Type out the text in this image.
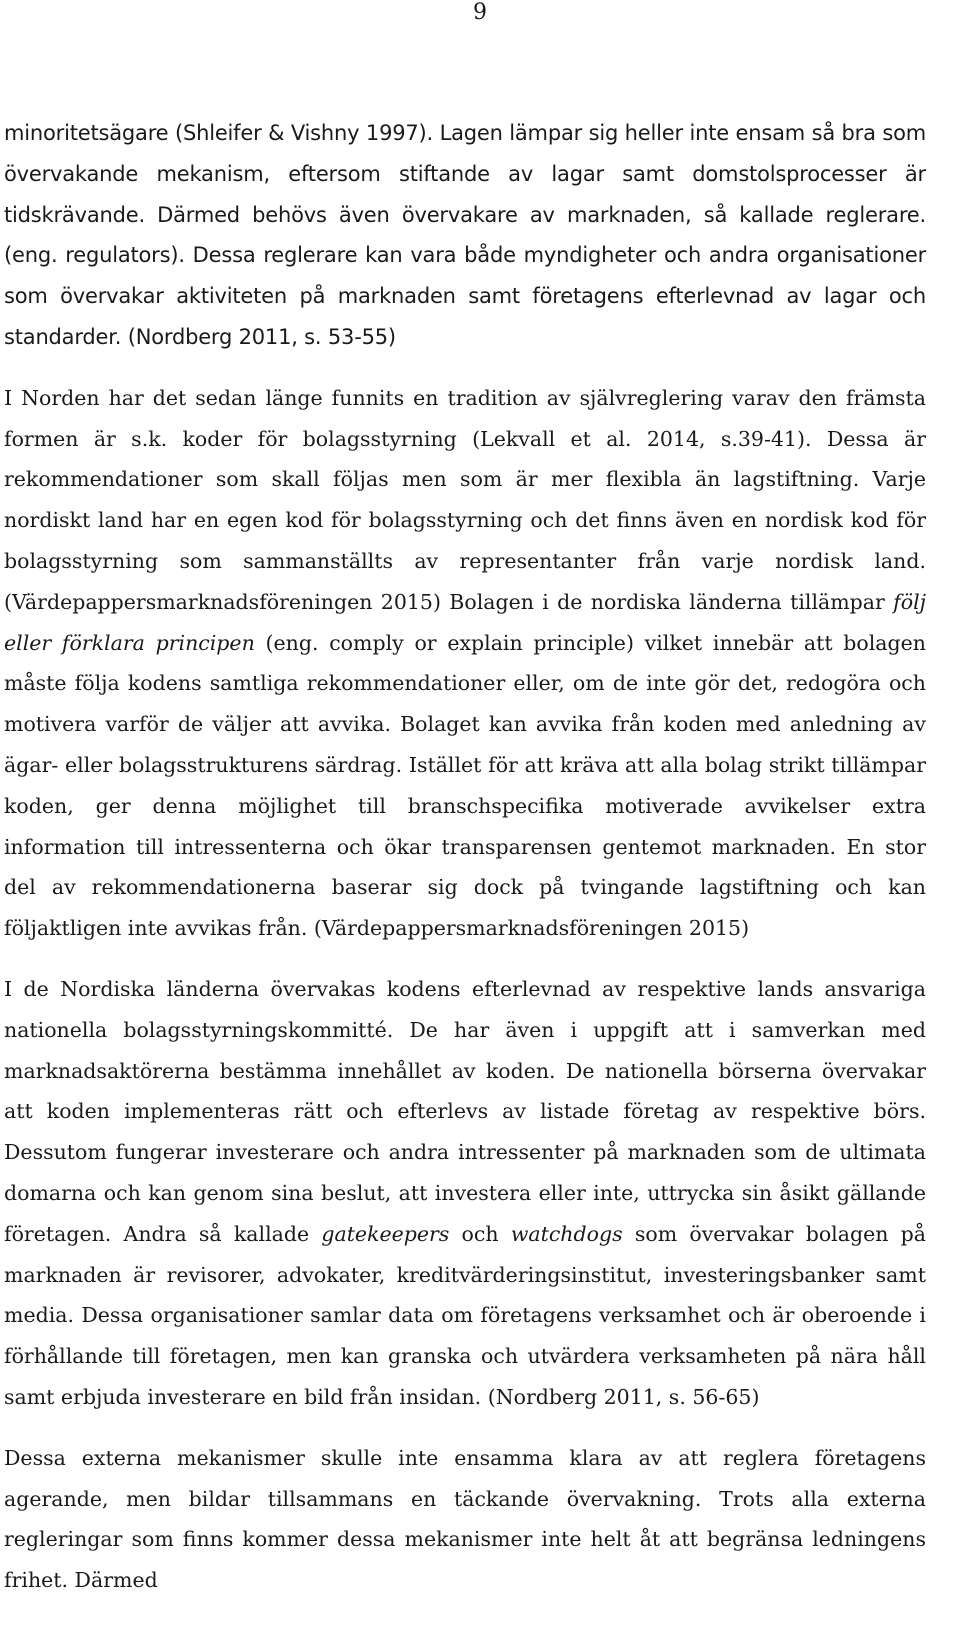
9

minoritetsägare (Shleifer & Vishny 1997). Lagen lämpar sig heller inte ensam så bra som övervakande mekanism, eftersom stiftande av lagar samt domstolsprocesser är tidskrävande. Därmed behövs även övervakare av marknaden, så kallade reglerare. (eng. regulators). Dessa reglerare kan vara både myndigheter och andra organisationer som övervakar aktiviteten på marknaden samt företagens efterlevnad av lagar och standarder. (Nordberg 2011, s. 53-55)

I Norden har det sedan länge funnits en tradition av självreglering varav den främsta formen är s.k. koder för bolagsstyrning (Lekvall et al. 2014, s.39-41). Dessa är rekommendationer som skall följas men som är mer flexibla än lagstiftning. Varje nordiskt land har en egen kod för bolagsstyrning och det finns även en nordisk kod för bolagsstyrning som sammanställts av representanter från varje nordisk land. (Värdepappersmarknadsföreningen 2015) Bolagen i de nordiska länderna tillämpar följ eller förklara principen (eng. comply or explain principle) vilket innebär att bolagen måste följa kodens samtliga rekommendationer eller, om de inte gör det, redogöra och motivera varför de väljer att avvika. Bolaget kan avvika från koden med anledning av ägar- eller bolagsstrukturens särdrag. Istället för att kräva att alla bolag strikt tillämpar koden, ger denna möjlighet till branschspecifika motiverade avvikelser extra information till intressenterna och ökar transparensen gentemot marknaden. En stor del av rekommendationerna baserar sig dock på tvingande lagstiftning och kan följaktligen inte avvikas från. (Värdepappersmarknadsföreningen 2015)

I de Nordiska länderna övervakas kodens efterlevnad av respektive lands ansvariga nationella bolagsstyrningskommitté. De har även i uppgift att i samverkan med marknadsaktörerna bestämma innehållet av koden. De nationella börserna övervakar att koden implementeras rätt och efterlevs av listade företag av respektive börs. Dessutom fungerar investerare och andra intressenter på marknaden som de ultimata domarna och kan genom sina beslut, att investera eller inte, uttrycka sin åsikt gällande företagen. Andra så kallade gatekeepers och watchdogs som övervakar bolagen på marknaden är revisorer, advokater, kreditvärderingsinstitut, investeringsbanker samt media. Dessa organisationer samlar data om företagens verksamhet och är oberoende i förhållande till företagen, men kan granska och utvärdera verksamheten på nära håll samt erbjuda investerare en bild från insidan. (Nordberg 2011, s. 56-65)

Dessa externa mekanismer skulle inte ensamma klara av att reglera företagens agerande, men bildar tillsammans en täckande övervakning. Trots alla externa regleringar som finns kommer dessa mekanismer inte helt åt att begränsa ledningens frihet. Därmed
